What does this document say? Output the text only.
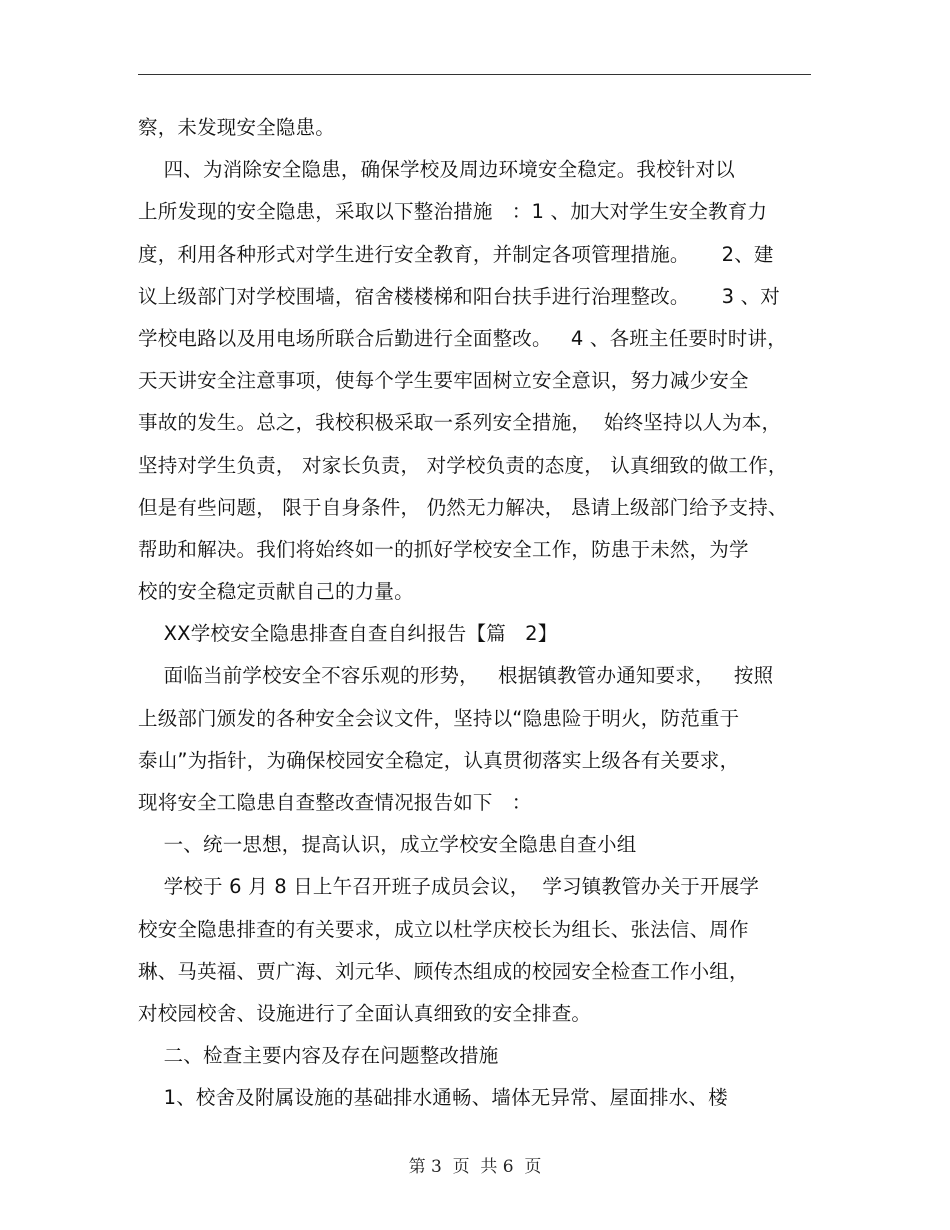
察，未发现安全隐患。
四、为消除安全隐患，确保学校及周边环境安全稳定。我校针对以
上所发现的安全隐患，采取以下整治措施   ：1 、加大对学生安全教育力
度，利用各种形式对学生进行安全教育，并制定各项管理措施。     2、建
议上级部门对学校围墙，宿舍楼楼梯和阳台扶手进行治理整改。     3 、对
学校电路以及用电场所联合后勤进行全面整改。   4 、各班主任要时时讲，
天天讲安全注意事项，使每个学生要牢固树立安全意识，努力减少安全
事故的发生。总之，我校积极采取一系列安全措施，  始终坚持以人为本，
坚持对学生负责， 对家长负责， 对学校负责的态度， 认真细致的做工作，
但是有些问题， 限于自身条件， 仍然无力解决， 恳请上级部门给予支持、
帮助和解决。我们将始终如一的抓好学校安全工作，防患于未然，为学
校的安全稳定贡献自己的力量。
XX学校安全隐患排查自查自纠报告【篇   2】
面临当前学校安全不容乐观的形势，   根据镇教管办通知要求，   按照
上级部门颁发的各种安全会议文件，坚持以“隐患险于明火，防范重于
泰山”为指针，为确保校园安全稳定，认真贯彻落实上级各有关要求，
现将安全工隐患自查整改查情况报告如下   ：
一、统一思想，提高认识，成立学校安全隐患自查小组
学校于 6 月 8 日上午召开班子成员会议，  学习镇教管办关于开展学
校安全隐患排查的有关要求，成立以杜学庆校长为组长、张法信、周作
琳、马英福、贾广海、刘元华、顾传杰组成的校园安全检查工作小组，
对校园校舍、设施进行了全面认真细致的安全排查。
二、检查主要内容及存在问题整改措施
1、校舍及附属设施的基础排水通畅、墙体无异常、屋面排水、楼
第 3  页  共 6  页
